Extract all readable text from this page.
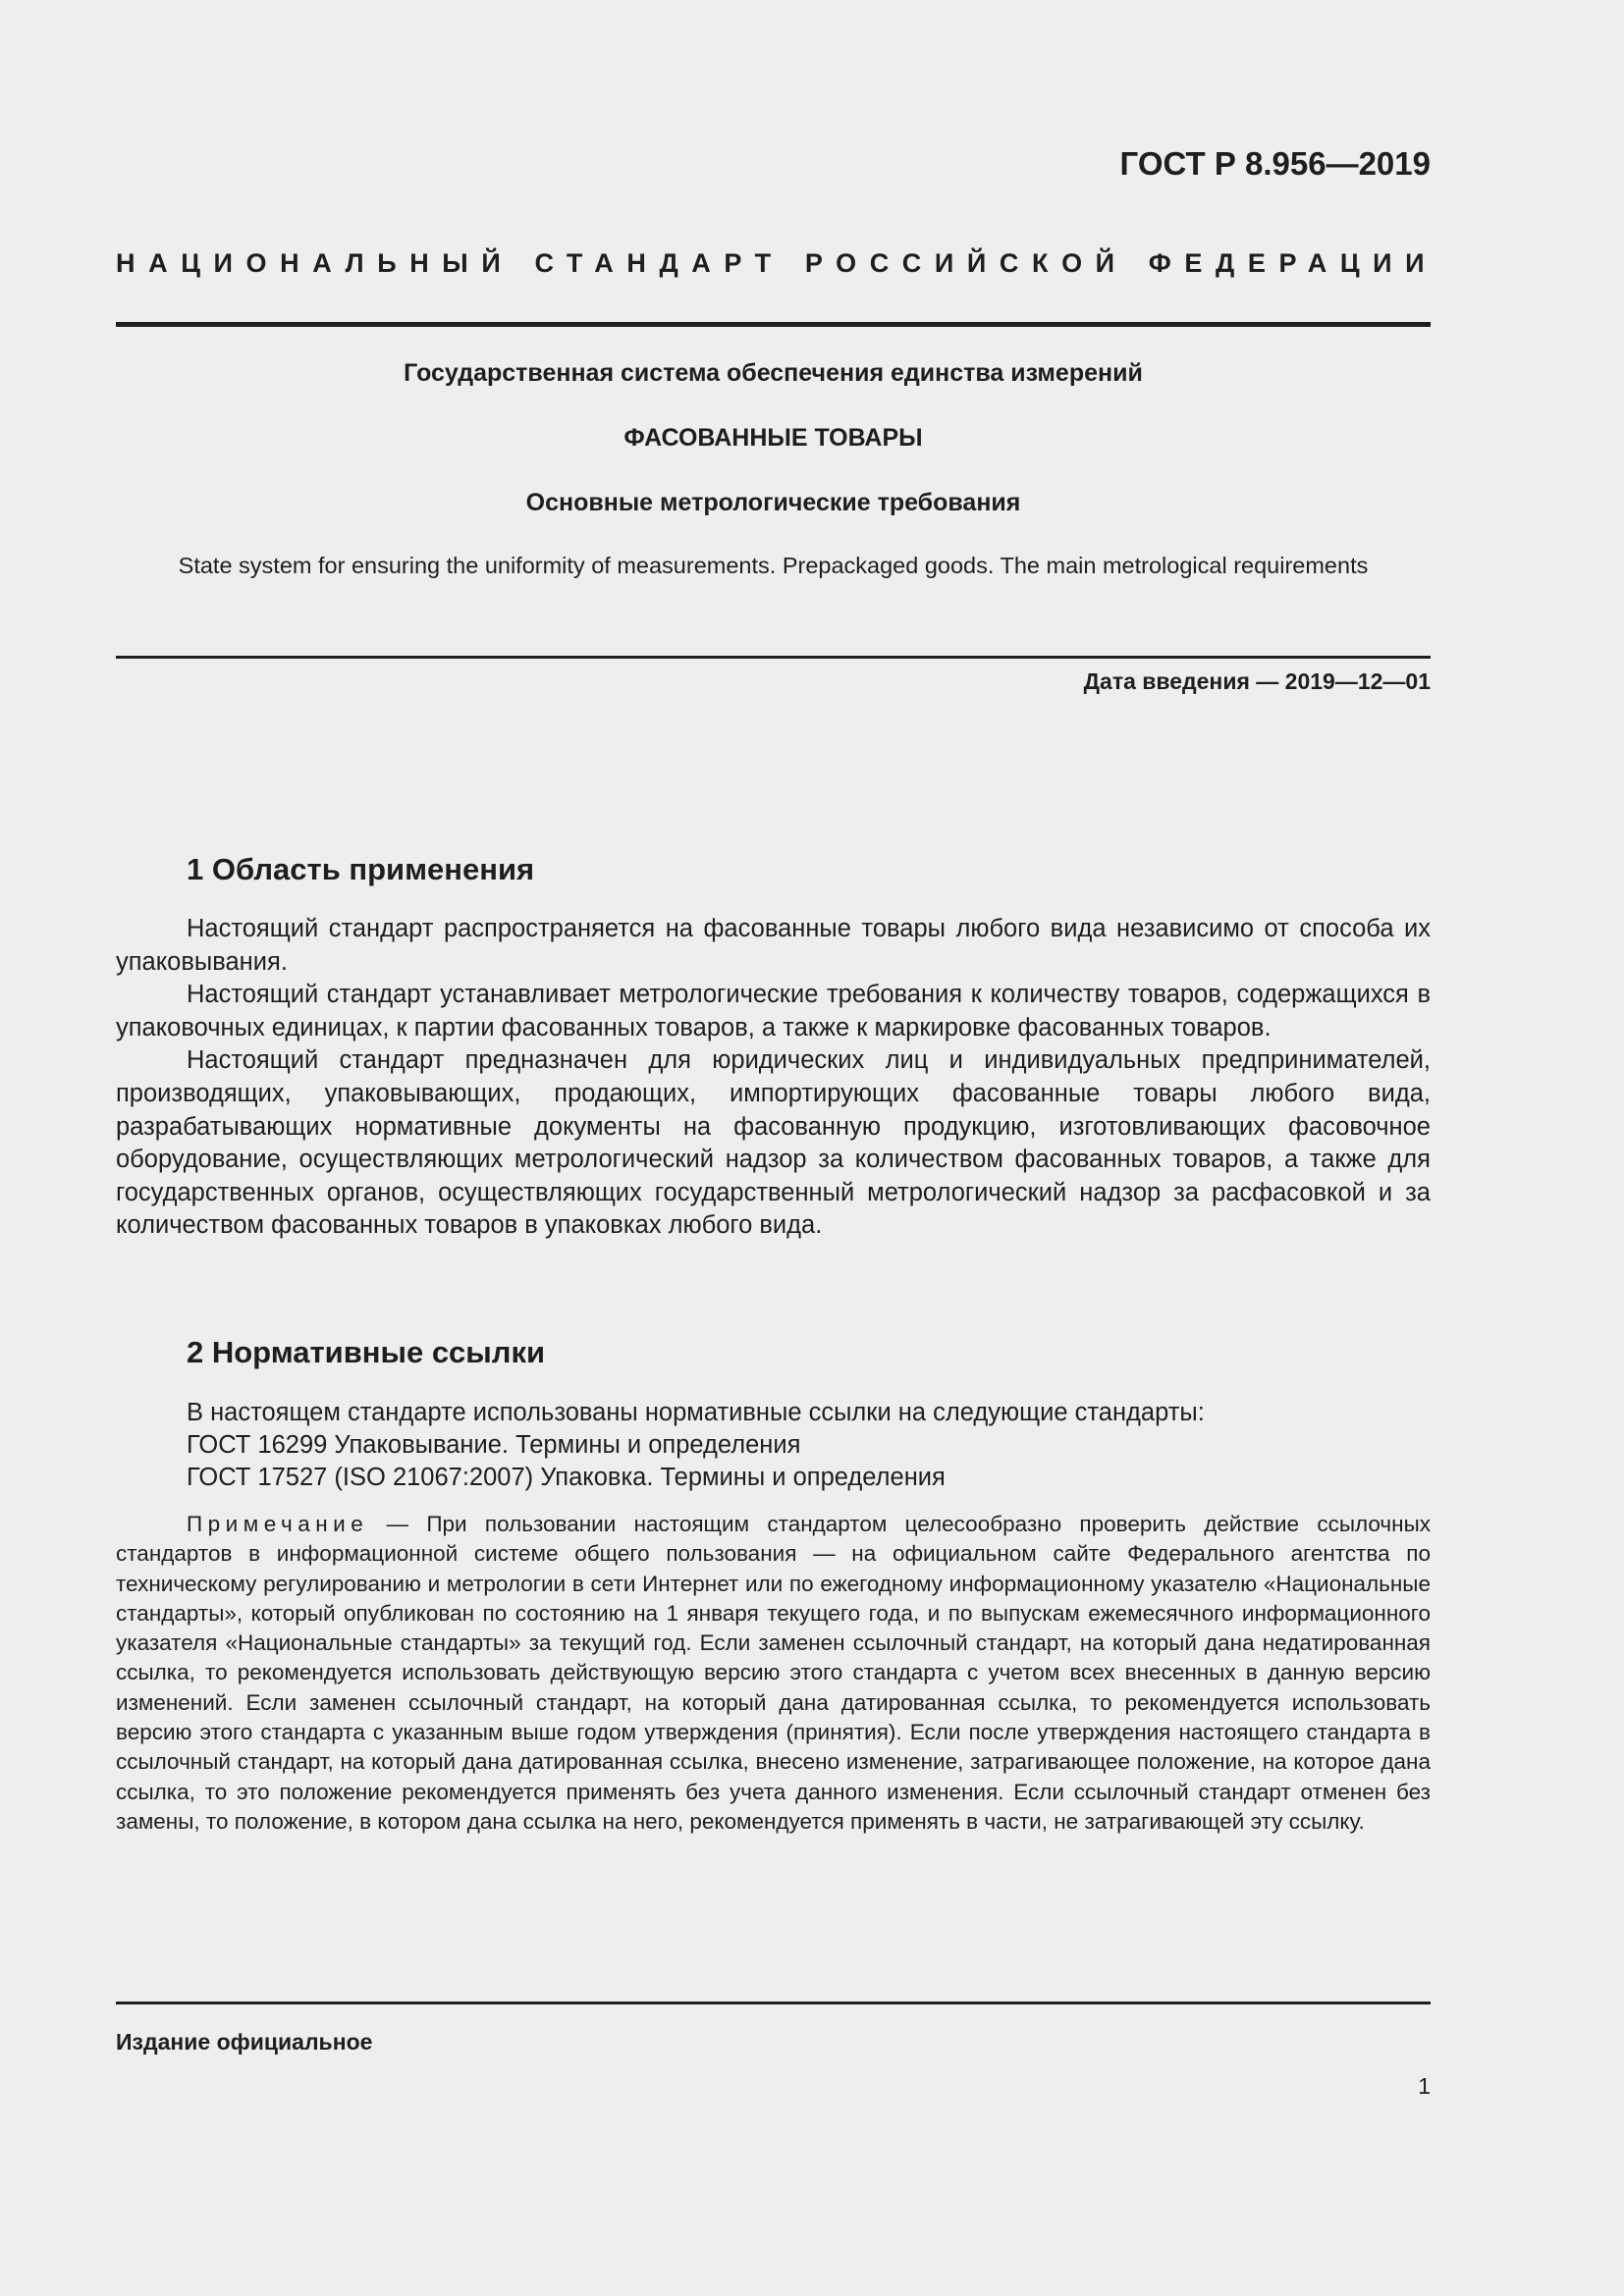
ГОСТ Р 8.956—2019
НАЦИОНАЛЬНЫЙ СТАНДАРТ РОССИЙСКОЙ ФЕДЕРАЦИИ
Государственная система обеспечения единства измерений
ФАСОВАННЫЕ ТОВАРЫ
Основные метрологические требования
State system for ensuring the uniformity of measurements. Prepackaged goods. The main metrological requirements
Дата введения — 2019—12—01
1 Область применения

Настоящий стандарт распространяется на фасованные товары любого вида независимо от способа их упаковывания.

Настоящий стандарт устанавливает метрологические требования к количеству товаров, содержащихся в упаковочных единицах, к партии фасованных товаров, а также к маркировке фасованных товаров.

Настоящий стандарт предназначен для юридических лиц и индивидуальных предпринимателей, производящих, упаковывающих, продающих, импортирующих фасованные товары любого вида, разрабатывающих нормативные документы на фасованную продукцию, изготовливающих фасовочное оборудование, осуществляющих метрологический надзор за количеством фасованных товаров, а также для государственных органов, осуществляющих государственный метрологический надзор за расфасовкой и за количеством фасованных товаров в упаковках любого вида.

2 Нормативные ссылки
В настоящем стандарте использованы нормативные ссылки на следующие стандарты:
ГОСТ 16299 Упаковывание. Термины и определения
ГОСТ 17527 (ISO 21067:2007) Упаковка. Термины и определения

Примечание — При пользовании настоящим стандартом целесообразно проверить действие ссылочных стандартов в информационной системе общего пользования — на официальном сайте Федерального агентства по техническому регулированию и метрологии в сети Интернет или по ежегодному информационному указателю «Национальные стандарты», который опубликован по состоянию на 1 января текущего года, и по выпускам ежемесячного информационного указателя «Национальные стандарты» за текущий год. Если заменен ссылочный стандарт, на который дана недатированная ссылка, то рекомендуется использовать действующую версию этого стандарта с учетом всех внесенных в данную версию изменений. Если заменен ссылочный стандарт, на который дана датированная ссылка, то рекомендуется использовать версию этого стандарта с указанным выше годом утверждения (принятия). Если после утверждения настоящего стандарта в ссылочный стандарт, на который дана датированная ссылка, внесено изменение, затрагивающее положение, на которое дана ссылка, то это положение рекомендуется применять без учета данного изменения. Если ссылочный стандарт отменен без замены, то положение, в котором дана ссылка на него, рекомендуется применять в части, не затрагивающей эту ссылку.

Издание официальное
1
